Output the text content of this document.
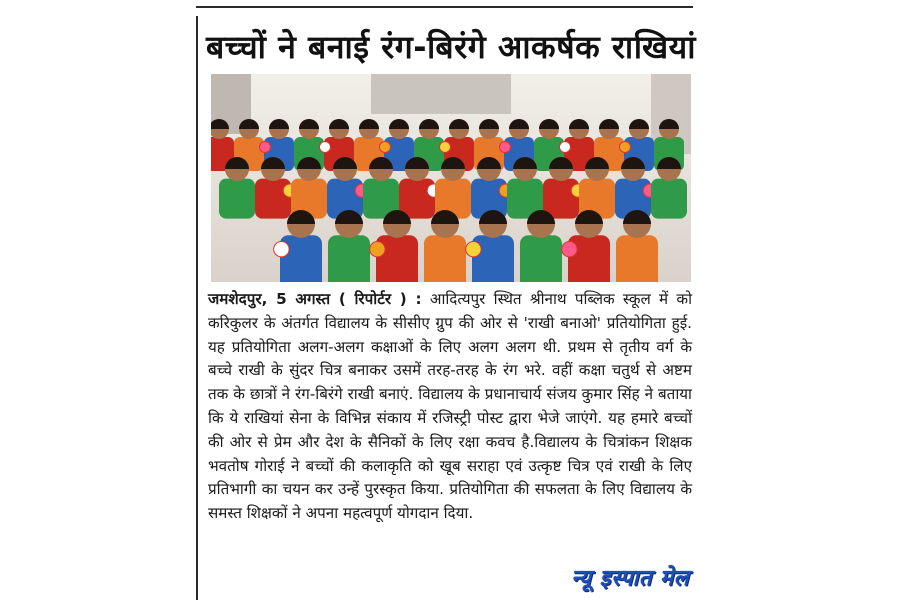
बच्चों ने बनाई रंग-बिरंगे आकर्षक राखियां

जमशेदपुर, 5 अगस्त ( रिपोर्टर ) : आदित्यपुर स्थित श्रीनाथ पब्लिक स्कूल में को करिकुलर के अंतर्गत विद्यालय के सीसीए ग्रुप की ओर से 'राखी बनाओ' प्रतियोगिता हुई. यह प्रतियोगिता अलग-अलग कक्षाओं के लिए अलग अलग थी. प्रथम से तृतीय वर्ग के बच्चे राखी के सुंदर चित्र बनाकर उसमें तरह-तरह के रंग भरे. वहीं कक्षा चतुर्थ से अष्टम तक के छात्रों ने रंग-बिरंगे राखी बनाएं. विद्यालय के प्रधानाचार्य संजय कुमार सिंह ने बताया कि ये राखियां सेना के विभिन्न संकाय में रजिस्ट्री पोस्ट द्वारा भेजे जाएंगे. यह हमारे बच्चों की ओर से प्रेम और देश के सैनिकों के लिए रक्षा कवच है.विद्यालय के चित्रांकन शिक्षक भवतोष गोराई ने बच्चों की कलाकृति को खूब सराहा एवं उत्कृष्ट चित्र एवं राखी के लिए प्रतिभागी का चयन कर उन्हें पुरस्कृत किया. प्रतियोगिता की सफलता के लिए विद्यालय के समस्त शिक्षकों ने अपना महत्वपूर्ण योगदान दिया.

न्यू इस्पात मेल
